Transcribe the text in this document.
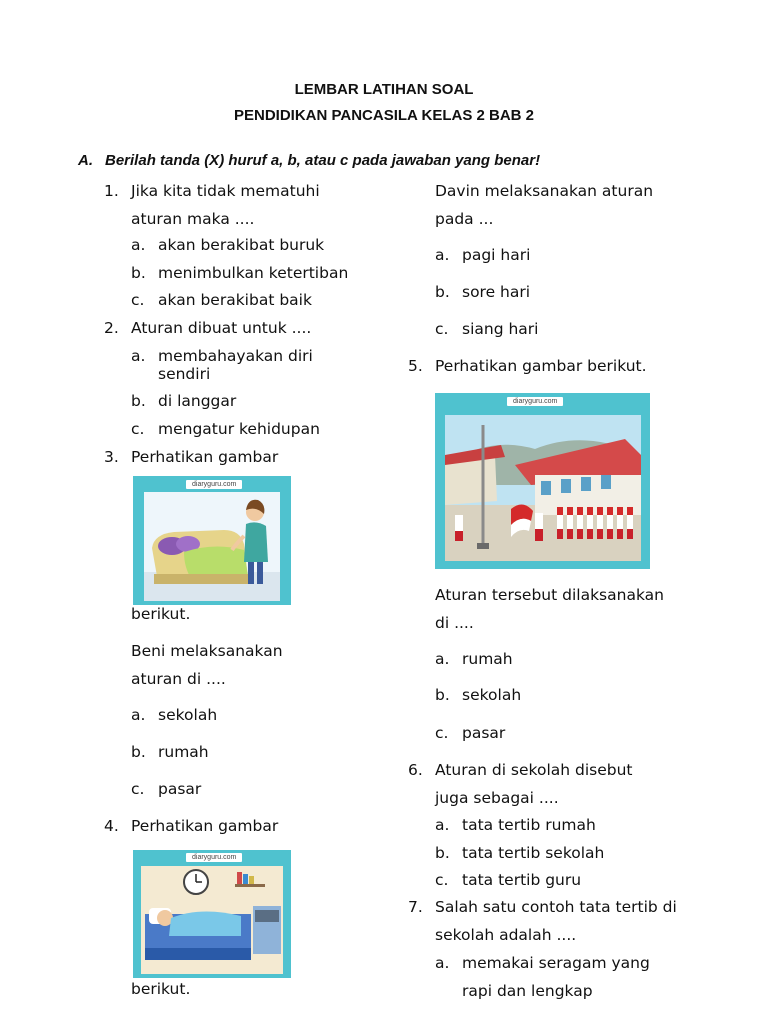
LEMBAR LATIHAN SOAL
PENDIDIKAN PANCASILA KELAS 2 BAB 2
A. Berilah tanda (X) huruf a, b, atau c pada jawaban yang benar!
1. Jika kita tidak mematuhi
aturan maka ....
a. akan berakibat buruk
b. menimbulkan ketertiban
c. akan berakibat baik
2. Aturan dibuat untuk ....
a. membahayakan diri
sendiri
b. di langgar
c. mengatur kehidupan
3. Perhatikan gambar
diaryguru.com
berikut.
Beni melaksanakan
aturan di ....
a. sekolah
b. rumah
c. pasar
4. Perhatikan gambar
diaryguru.com
berikut.
Davin melaksanakan aturan
pada ...
a. pagi hari
b. sore hari
c. siang hari
5. Perhatikan gambar berikut.
diaryguru.com
Aturan tersebut dilaksanakan
di ....
a. rumah
b. sekolah
c. pasar
6. Aturan di sekolah disebut
juga sebagai ....
a. tata tertib rumah
b. tata tertib sekolah
c. tata tertib guru
7. Salah satu contoh tata tertib di
sekolah adalah ....
a. memakai seragam yang
rapi dan lengkap
